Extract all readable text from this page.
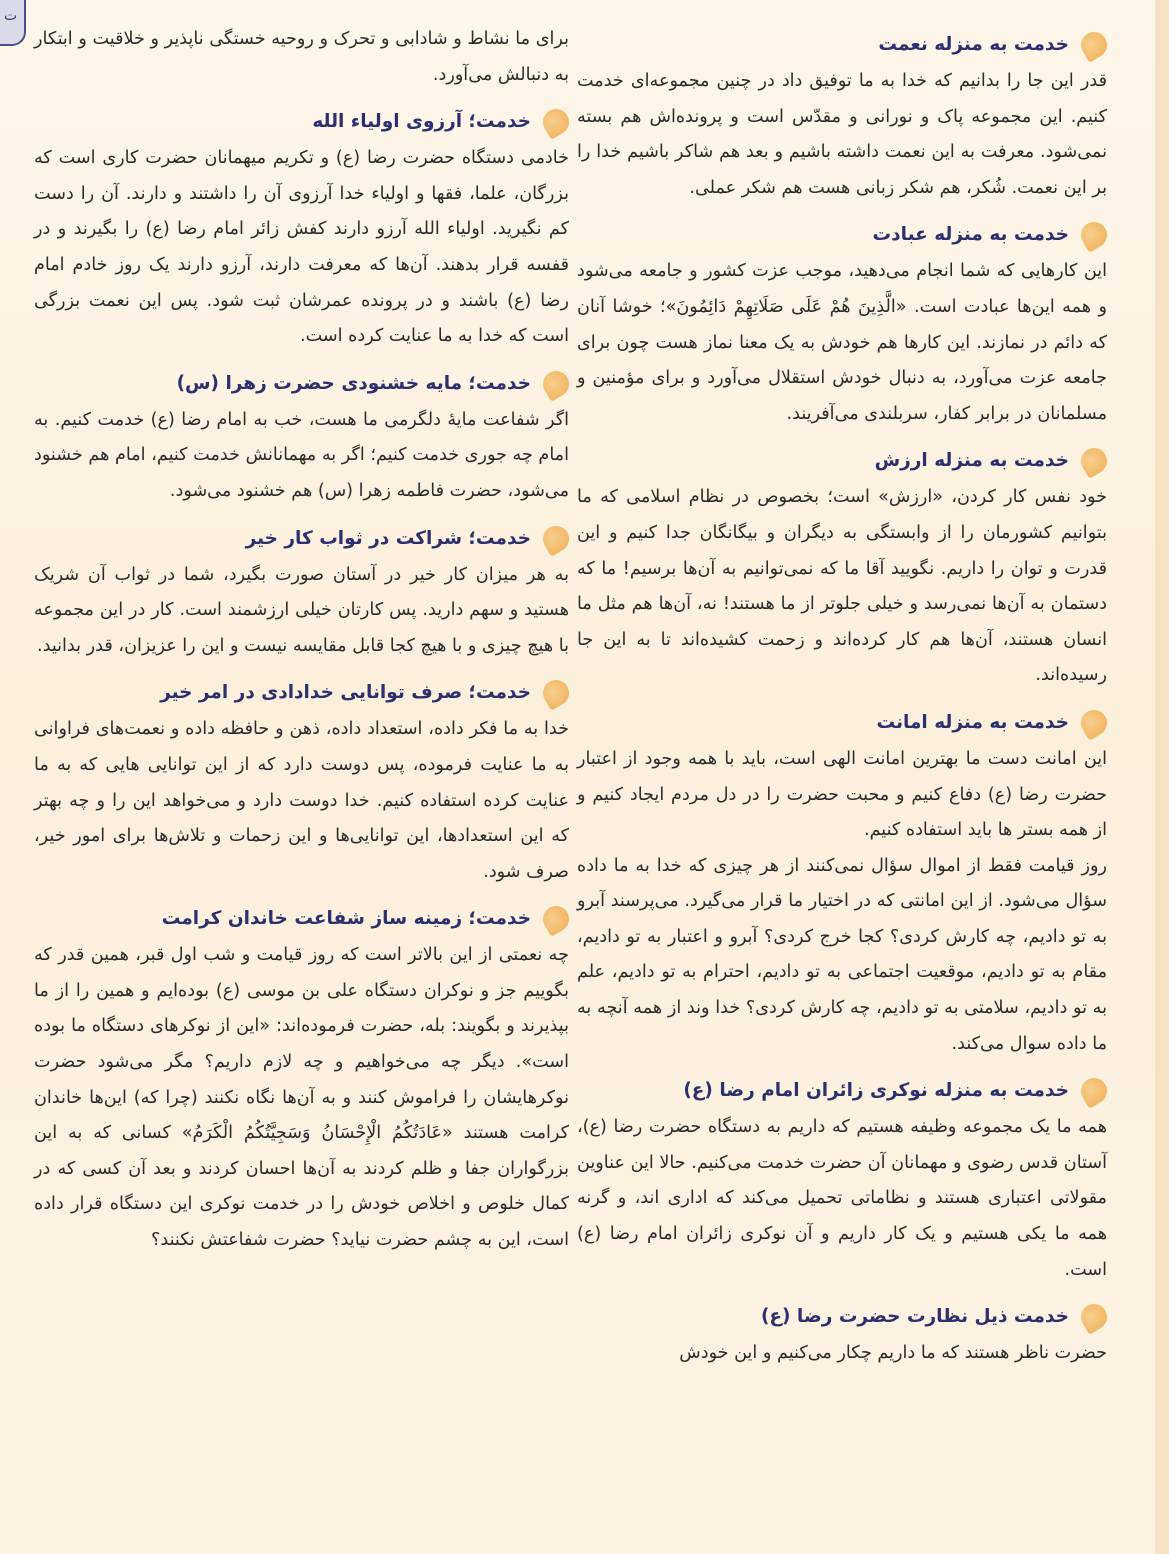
ت
خدمت به منزله نعمت

قدر این جا را بدانیم که خدا به ما توفیق داد در چنین مجموعه‌ای خدمت کنیم. این مجموعه پاک و نورانی و مقدّس است و پرونده‌اش هم بسته نمی‌شود. معرفت به این نعمت داشته باشیم و بعد هم شاکر باشیم خدا را بر این نعمت. شُکر، هم شکر زبانی هست هم شکر عملی.

خدمت به منزله عبادت

این کارهایی که شما انجام می‌دهید، موجب عزت کشور و جامعه می‌شود و همه این‌ها عبادت است. «الَّذِینَ هُمْ عَلَی صَلَاتِهِمْ دَائِمُونَ»؛ خوشا آنان که دائم در نمازند. این کارها هم خودش به یک معنا نماز هست چون برای جامعه عزت می‌آورد، به دنبال خودش استقلال می‌آورد و برای مؤمنین و مسلمانان در برابر کفار، سربلندی می‌آفریند.

خدمت به منزله ارزش

خود نفس کار کردن، «ارزش» است؛ بخصوص در نظام اسلامی که ما بتوانیم کشورمان را از وابستگی به دیگران و بیگانگان جدا کنیم و این قدرت و توان را داریم. نگویید آقا ما که نمی‌توانیم به آن‌ها برسیم! ما که دستمان به آن‌ها نمی‌رسد و خیلی جلوتر از ما هستند! نه، آن‌ها هم مثل ما انسان هستند، آن‌ها هم کار کرده‌اند و زحمت کشیده‌اند تا به این جا رسیده‌اند.

خدمت به منزله امانت

این امانت دست ما بهترین امانت الهی است، باید با همه وجود از اعتبار حضرت رضا (ع) دفاع کنیم و محبت حضرت را در دل مردم ایجاد کنیم و از همه بستر ها باید استفاده کنیم.

روز قیامت فقط از اموال سؤال نمی‌کنند از هر چیزی که خدا به ما داده سؤال می‌شود. از این امانتی که در اختیار ما قرار می‌گیرد. می‌پرسند آبرو به تو دادیم، چه کارش کردی؟ کجا خرج کردی؟ آبرو و اعتبار به تو دادیم، مقام به تو دادیم، موقعیت اجتماعی به تو دادیم، احترام به تو دادیم، علم به تو دادیم، سلامتی به تو دادیم، چه کارش کردی؟ خدا وند از همه آنچه به ما داده سوال می‌کند.

خدمت به منزله نوکری زائران امام رضا (ع)

همه ما یک مجموعه وظیفه هستیم که داریم به دستگاه حضرت رضا (ع)، آستان قدس رضوی و مهمانان آن حضرت خدمت می‌کنیم. حالا این عناوین مقولاتی اعتباری هستند و نظاماتی تحمیل می‌کند که اداری اند، و گرنه همه ما یکی هستیم و یک کار داریم و آن نوکری زائران امام رضا (ع) است.

خدمت ذیل نظارت حضرت رضا (ع)

حضرت ناظر هستند که ما داریم چکار می‌کنیم و این خودش

برای ما نشاط و شادابی و تحرک و روحیه خستگی ناپذیر و خلاقیت و ابتکار به دنبالش می‌آورد.

خدمت؛ آرزوی اولیاء الله

خادمی دستگاه حضرت رضا (ع) و تکریم میهمانان حضرت کاری است که بزرگان، علما، فقها و اولیاء خدا آرزوی آن را داشتند و دارند. آن را دست کم نگیرید. اولیاء الله آرزو دارند کفش زائر امام رضا (ع) را بگیرند و در قفسه قرار بدهند. آن‌ها که معرفت دارند، آرزو دارند یک روز خادم امام رضا (ع) باشند و در پرونده عمرشان ثبت شود. پس این نعمت بزرگی است که خدا به ما عنایت کرده است.

خدمت؛ مایه خشنودی حضرت زهرا (س)

اگر شفاعت مایهٔ دلگرمی ما هست، خب به امام رضا (ع) خدمت کنیم. به امام چه جوری خدمت کنیم؛ اگر به مهمانانش خدمت کنیم، امام هم خشنود می‌شود، حضرت فاطمه زهرا (س) هم خشنود می‌شود.

خدمت؛ شراکت در ثواب کار خیر

به هر میزان کار خیر در آستان صورت بگیرد، شما در ثواب آن شریک هستید و سهم دارید. پس کارتان خیلی ارزشمند است. کار در این مجموعه با هیچ چیزی و با هیچ کجا قابل مقایسه نیست و این را عزیزان، قدر بدانید.

خدمت؛ صرف توانایی خدادادی در امر خیر

خدا به ما فکر داده، استعداد داده، ذهن و حافظه داده و نعمت‌های فراوانی به ما عنایت فرموده، پس دوست دارد که از این توانایی هایی که به ما عنایت کرده استفاده کنیم. خدا دوست دارد و می‌خواهد این را و چه بهتر که این استعدادها، این توانایی‌ها و این زحمات و تلاش‌ها برای امور خیر، صرف شود.

خدمت؛ زمینه ساز شفاعت خاندان کرامت

چه نعمتی از این بالاتر است که روز قیامت و شب اول قبر، همین قدر که بگوییم جز و نوکران دستگاه علی بن موسی (ع) بوده‌ایم و همین را از ما بپذیرند و بگویند: بله، حضرت فرموده‌اند: «این از نوکرهای دستگاه ما بوده است». دیگر چه می‌خواهیم و چه لازم داریم؟ مگر می‌شود حضرت نوکرهایشان را فراموش کنند و به آن‌ها نگاه نکنند (چرا که) این‌ها خاندان کرامت هستند «عَادَتُکُمُ الْإِحْسَانُ وَسَجِیَّتُکُمُ الْکَرَمُ» کسانی که به این بزرگواران جفا و ظلم کردند به آن‌ها احسان کردند و بعد آن کسی که در کمال خلوص و اخلاص خودش را در خدمت نوکری این دستگاه قرار داده است، این به چشم حضرت نیاید؟ حضرت شفاعتش نکنند؟
